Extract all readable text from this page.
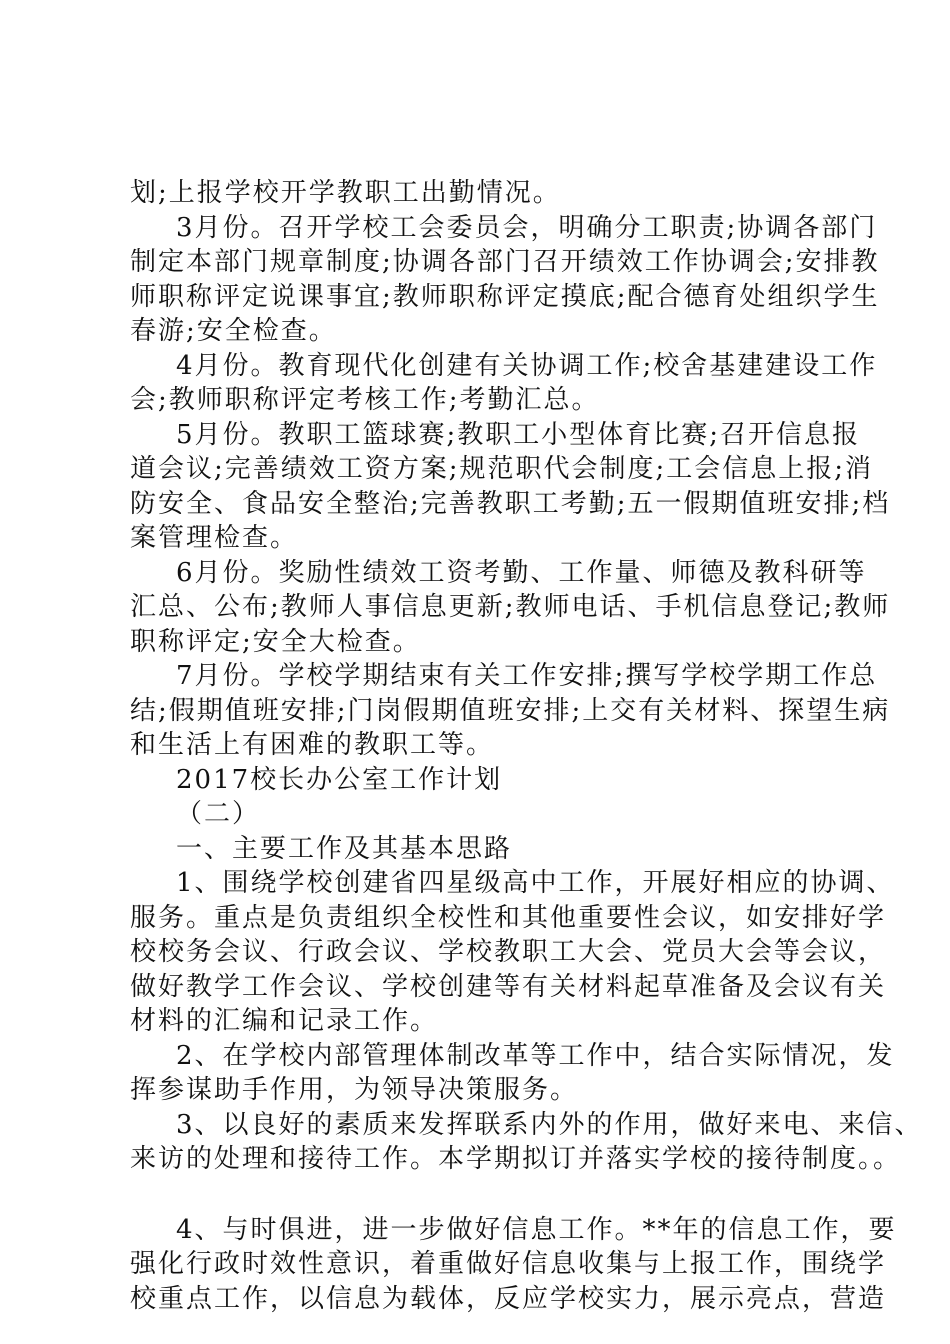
划;上报学校开学教职工出勤情况。
3月份。召开学校工会委员会，明确分工职责;协调各部门
制定本部门规章制度;协调各部门召开绩效工作协调会;安排教
师职称评定说课事宜;教师职称评定摸底;配合德育处组织学生
春游;安全检查。
4月份。教育现代化创建有关协调工作;校舍基建建设工作
会;教师职称评定考核工作;考勤汇总。
5月份。教职工篮球赛;教职工小型体育比赛;召开信息报
道会议;完善绩效工资方案;规范职代会制度;工会信息上报;消
防安全、食品安全整治;完善教职工考勤;五一假期值班安排;档
案管理检查。
6月份。奖励性绩效工资考勤、工作量、师德及教科研等
汇总、公布;教师人事信息更新;教师电话、手机信息登记;教师
职称评定;安全大检查。
7月份。学校学期结束有关工作安排;撰写学校学期工作总
结;假期值班安排;门岗假期值班安排;上交有关材料、探望生病
和生活上有困难的教职工等。
2017校长办公室工作计划
（二）
一、主要工作及其基本思路
1、围绕学校创建省四星级高中工作，开展好相应的协调、
服务。重点是负责组织全校性和其他重要性会议，如安排好学
校校务会议、行政会议、学校教职工大会、党员大会等会议，
做好教学工作会议、学校创建等有关材料起草准备及会议有关
材料的汇编和记录工作。
2、在学校内部管理体制改革等工作中，结合实际情况，发
挥参谋助手作用，为领导决策服务。
3、以良好的素质来发挥联系内外的作用，做好来电、来信、
来访的处理和接待工作。本学期拟订并落实学校的接待制度。。
4、与时俱进，进一步做好信息工作。**年的信息工作，要
强化行政时效性意识，着重做好信息收集与上报工作，围绕学
校重点工作，以信息为载体，反应学校实力，展示亮点，营造
